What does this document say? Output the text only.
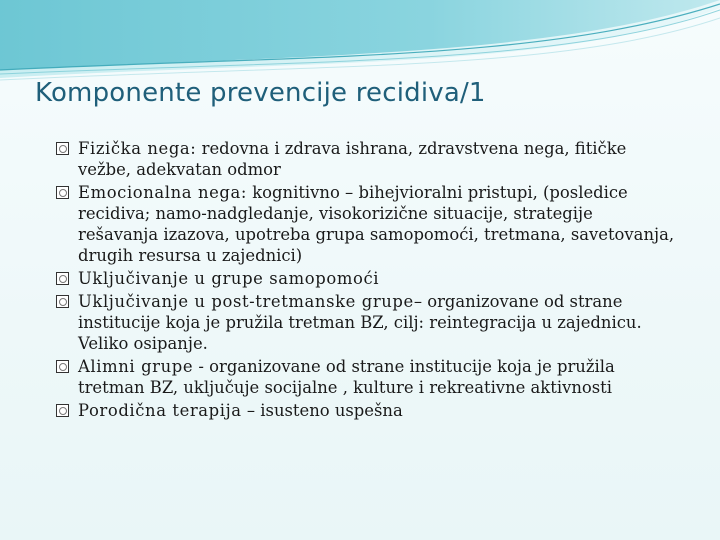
Komponente prevencije recidiva/1
Fizička nega: redovna i zdrava ishrana, zdravstvena nega, fitičke vežbe, adekvatan odmor
Emocionalna nega: kognitivno – bihejvioralni pristupi, (posledice recidiva; namo-nadgledanje, visokorizične situacije, strategije rešavanja izazova, upotreba grupa samopomoći, tretmana, savetovanja, drugih resursa u zajednici)
Uključivanje u grupe samopomoći
Uključivanje u post-tretmanske grupe– organizovane od strane institucije koja je pružila tretman BZ, cilj: reintegracija u zajednicu. Veliko osipanje.
Alimni grupe - organizovane od strane institucije koja je pružila tretman BZ, uključuje socijalne , kulture i rekreativne aktivnosti
Porodična terapija – isusteno uspešna
